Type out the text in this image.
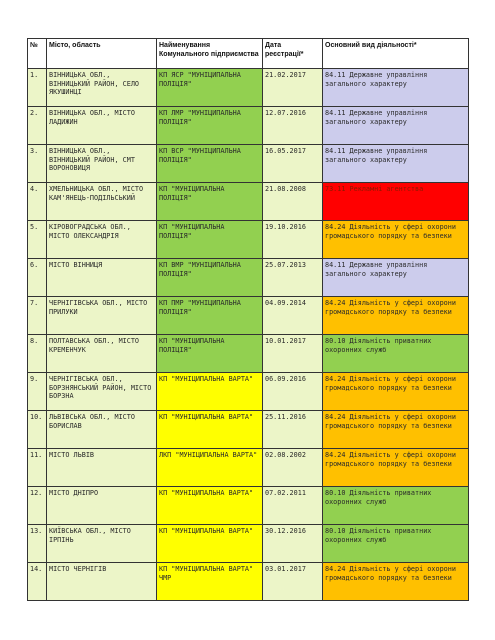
№	Місто, область	Найменування Комунального підприємства	Дата реєстрації*	Основний вид діяльності*
1.	ВІННИЦЬКА ОБЛ., ВІННИЦЬКИЙ РАЙОН, СЕЛО ЯКУШИНЦІ	КП ЯСР "МУНІЦИПАЛЬНА ПОЛІЦІЯ"	21.02.2017	84.11 Державне управління загального характеру
2.	ВІННИЦЬКА ОБЛ., МІСТО ЛАДИЖИН	КП ЛМР "МУНІЦИПАЛЬНА ПОЛІЦІЯ"	12.07.2016	84.11 Державне управління загального характеру
3.	ВІННИЦЬКА ОБЛ., ВІННИЦЬКИЙ РАЙОН, СМТ ВОРОНОВИЦЯ	КП ВСР "МУНІЦИПАЛЬНА ПОЛІЦІЯ"	16.05.2017	84.11 Державне управління загального характеру
4.	ХМЕЛЬНИЦЬКА ОБЛ., МІСТО КАМ'ЯНЕЦЬ-ПОДІЛЬСЬКИЙ	КП "МУНІЦИПАЛЬНА ПОЛІЦІЯ"	21.08.2008	73.11 Рекламні агентства
5.	КІРОВОГРАДСЬКА ОБЛ., МІСТО ОЛЕКСАНДРІЯ	КП "МУНІЦИПАЛЬНА ПОЛІЦІЯ"	19.10.2016	84.24 Діяльність у сфері охорони громадського порядку та безпеки
6.	МІСТО ВІННИЦЯ	КП ВМР "МУНІЦИПАЛЬНА ПОЛІЦІЯ"	25.07.2013	84.11 Державне управління загального характеру
7.	ЧЕРНІГІВСЬКА ОБЛ., МІСТО ПРИЛУКИ	КП ПМР "МУНІЦИПАЛЬНА ПОЛІЦІЯ"	04.09.2014	84.24 Діяльність у сфері охорони громадського порядку та безпеки
8.	ПОЛТАВСЬКА ОБЛ., МІСТО КРЕМЕНЧУК	КП "МУНІЦИПАЛЬНА ПОЛІЦІЯ"	10.01.2017	80.10 Діяльність приватних охоронних служб
9.	ЧЕРНІГІВСЬКА ОБЛ., БОРЗНЯНСЬКИЙ РАЙОН, МІСТО БОРЗНА	КП "МУНІЦИПАЛЬНА ВАРТА"	06.09.2016	84.24 Діяльність у сфері охорони громадського порядку та безпеки
10.	ЛЬВІВСЬКА ОБЛ., МІСТО БОРИСЛАВ	КП "МУНІЦИПАЛЬНА ВАРТА"	25.11.2016	84.24 Діяльність у сфері охорони громадського порядку та безпеки
11.	МІСТО ЛЬВІВ	ЛКП "МУНІЦИПАЛЬНА ВАРТА"	02.08.2002	84.24 Діяльність у сфері охорони громадського порядку та безпеки
12.	МІСТО ДНІПРО	КП "МУНІЦИПАЛЬНА ВАРТА"	07.02.2011	80.10 Діяльність приватних охоронних служб
13.	КИЇВСЬКА ОБЛ., МІСТО ІРПІНЬ	КП "МУНІЦИПАЛЬНА ВАРТА"	30.12.2016	80.10 Діяльність приватних охоронних служб
14.	МІСТО ЧЕРНІГІВ	КП "МУНІЦИПАЛЬНА ВАРТА" ЧМР	03.01.2017	84.24 Діяльність у сфері охорони громадського порядку та безпеки
